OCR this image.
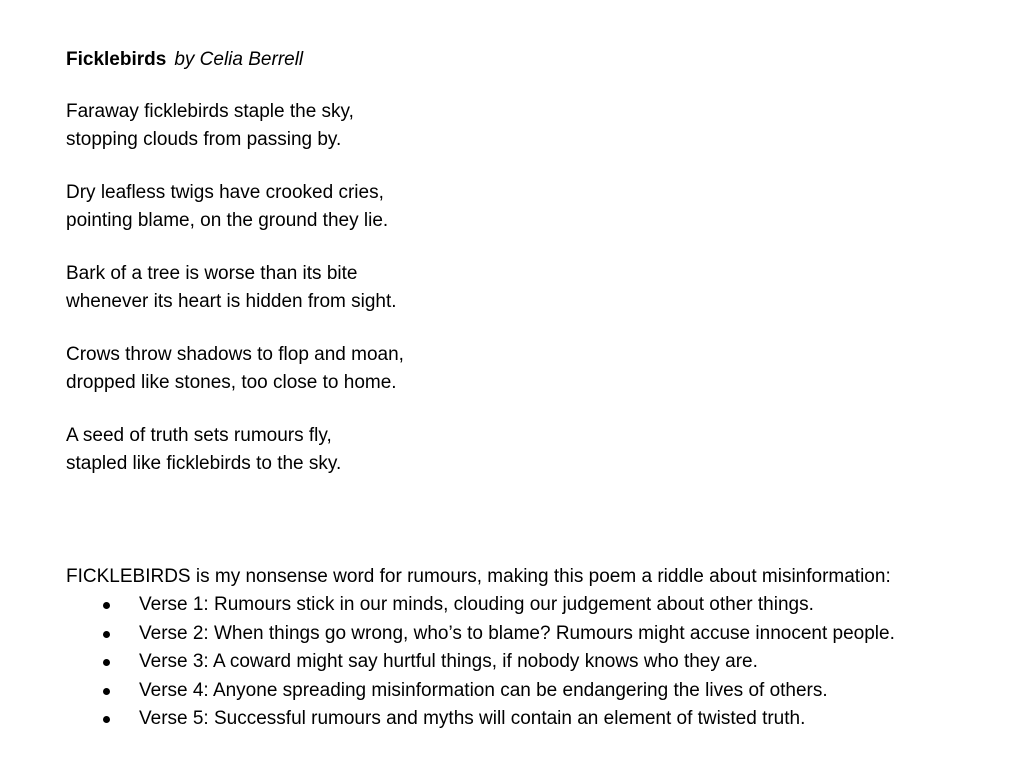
Ficklebirds by Celia Berrell
Faraway ficklebirds staple the sky,
stopping clouds from passing by.
Dry leafless twigs have crooked cries,
pointing blame, on the ground they lie.
Bark of a tree is worse than its bite
whenever its heart is hidden from sight.
Crows throw shadows to flop and moan,
dropped like stones, too close to home.
A seed of truth sets rumours fly,
stapled like ficklebirds to the sky.
FICKLEBIRDS is my nonsense word for rumours, making this poem a riddle about misinformation:
Verse 1: Rumours stick in our minds, clouding our judgement about other things.
Verse 2: When things go wrong, who’s to blame? Rumours might accuse innocent people.
Verse 3: A coward might say hurtful things, if nobody knows who they are.
Verse 4: Anyone spreading misinformation can be endangering the lives of others.
Verse 5: Successful rumours and myths will contain an element of twisted truth.
